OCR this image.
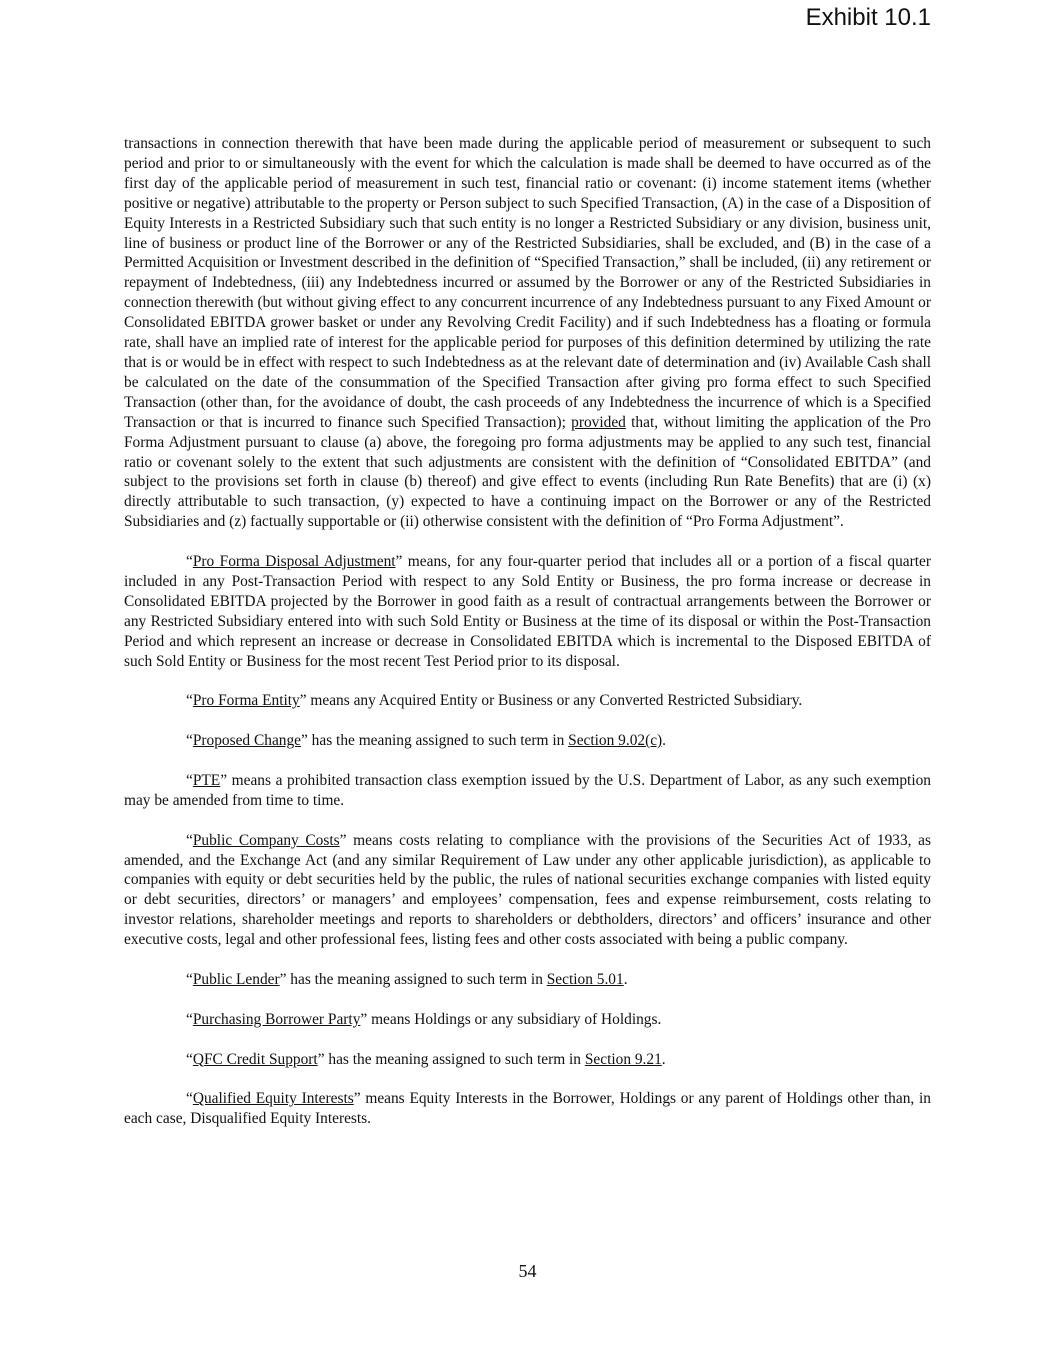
Exhibit 10.1

transactions in connection therewith that have been made during the applicable period of measurement or subsequent to such period and prior to or simultaneously with the event for which the calculation is made shall be deemed to have occurred as of the first day of the applicable period of measurement in such test, financial ratio or covenant: (i) income statement items (whether positive or negative) attributable to the property or Person subject to such Specified Transaction, (A) in the case of a Disposition of Equity Interests in a Restricted Subsidiary such that such entity is no longer a Restricted Subsidiary or any division, business unit, line of business or product line of the Borrower or any of the Restricted Subsidiaries, shall be excluded, and (B) in the case of a Permitted Acquisition or Investment described in the definition of “Specified Transaction,” shall be included, (ii) any retirement or repayment of Indebtedness, (iii) any Indebtedness incurred or assumed by the Borrower or any of the Restricted Subsidiaries in connection therewith (but without giving effect to any concurrent incurrence of any Indebtedness pursuant to any Fixed Amount or Consolidated EBITDA grower basket or under any Revolving Credit Facility) and if such Indebtedness has a floating or formula rate, shall have an implied rate of interest for the applicable period for purposes of this definition determined by utilizing the rate that is or would be in effect with respect to such Indebtedness as at the relevant date of determination and (iv) Available Cash shall be calculated on the date of the consummation of the Specified Transaction after giving pro forma effect to such Specified Transaction (other than, for the avoidance of doubt, the cash proceeds of any Indebtedness the incurrence of which is a Specified Transaction or that is incurred to finance such Specified Transaction); provided that, without limiting the application of the Pro Forma Adjustment pursuant to clause (a) above, the foregoing pro forma adjustments may be applied to any such test, financial ratio or covenant solely to the extent that such adjustments are consistent with the definition of “Consolidated EBITDA” (and subject to the provisions set forth in clause (b) thereof) and give effect to events (including Run Rate Benefits) that are (i) (x) directly attributable to such transaction, (y) expected to have a continuing impact on the Borrower or any of the Restricted Subsidiaries and (z) factually supportable or (ii) otherwise consistent with the definition of “Pro Forma Adjustment”.

“Pro Forma Disposal Adjustment” means, for any four-quarter period that includes all or a portion of a fiscal quarter included in any Post-Transaction Period with respect to any Sold Entity or Business, the pro forma increase or decrease in Consolidated EBITDA projected by the Borrower in good faith as a result of contractual arrangements between the Borrower or any Restricted Subsidiary entered into with such Sold Entity or Business at the time of its disposal or within the Post-Transaction Period and which represent an increase or decrease in Consolidated EBITDA which is incremental to the Disposed EBITDA of such Sold Entity or Business for the most recent Test Period prior to its disposal.

“Pro Forma Entity” means any Acquired Entity or Business or any Converted Restricted Subsidiary.

“Proposed Change” has the meaning assigned to such term in Section 9.02(c).

“PTE” means a prohibited transaction class exemption issued by the U.S. Department of Labor, as any such exemption may be amended from time to time.

“Public Company Costs” means costs relating to compliance with the provisions of the Securities Act of 1933, as amended, and the Exchange Act (and any similar Requirement of Law under any other applicable jurisdiction), as applicable to companies with equity or debt securities held by the public, the rules of national securities exchange companies with listed equity or debt securities, directors’ or managers’ and employees’ compensation, fees and expense reimbursement, costs relating to investor relations, shareholder meetings and reports to shareholders or debtholders, directors’ and officers’ insurance and other executive costs, legal and other professional fees, listing fees and other costs associated with being a public company.

“Public Lender” has the meaning assigned to such term in Section 5.01.

“Purchasing Borrower Party” means Holdings or any subsidiary of Holdings.

“QFC Credit Support” has the meaning assigned to such term in Section 9.21.

“Qualified Equity Interests” means Equity Interests in the Borrower, Holdings or any parent of Holdings other than, in each case, Disqualified Equity Interests.

54
